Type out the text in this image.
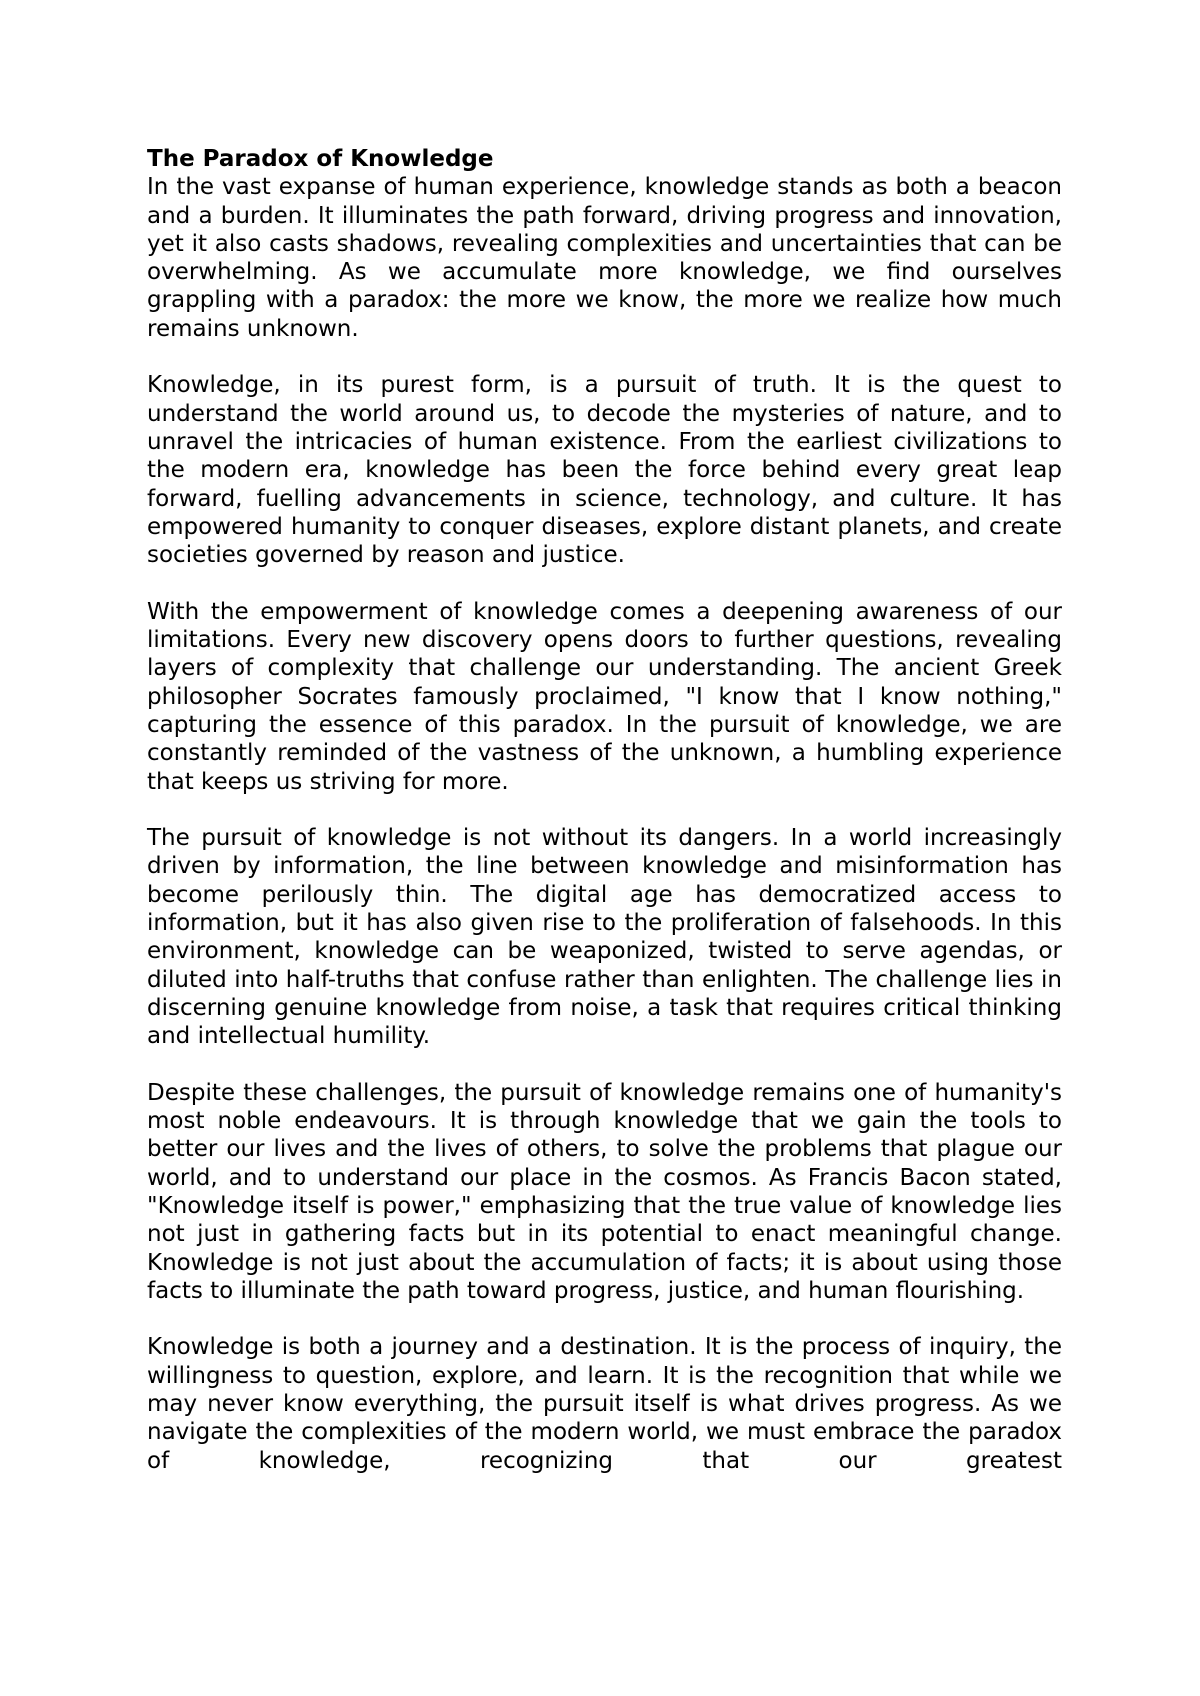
The Paradox of Knowledge

In the vast expanse of human experience, knowledge stands as both a beacon and a burden. It illuminates the path forward, driving progress and innovation, yet it also casts shadows, revealing complexities and uncertainties that can be overwhelming. As we accumulate more knowledge, we find ourselves grappling with a paradox: the more we know, the more we realize how much remains unknown.

Knowledge, in its purest form, is a pursuit of truth. It is the quest to understand the world around us, to decode the mysteries of nature, and to unravel the intricacies of human existence. From the earliest civilizations to the modern era, knowledge has been the force behind every great leap forward, fuelling advancements in science, technology, and culture. It has empowered humanity to conquer diseases, explore distant planets, and create societies governed by reason and justice.

With the empowerment of knowledge comes a deepening awareness of our limitations. Every new discovery opens doors to further questions, revealing layers of complexity that challenge our understanding. The ancient Greek philosopher Socrates famously proclaimed, "I know that I know nothing," capturing the essence of this paradox. In the pursuit of knowledge, we are constantly reminded of the vastness of the unknown, a humbling experience that keeps us striving for more.

The pursuit of knowledge is not without its dangers. In a world increasingly driven by information, the line between knowledge and misinformation has become perilously thin. The digital age has democratized access to information, but it has also given rise to the proliferation of falsehoods. In this environment, knowledge can be weaponized, twisted to serve agendas, or diluted into half-truths that confuse rather than enlighten. The challenge lies in discerning genuine knowledge from noise, a task that requires critical thinking and intellectual humility.

Despite these challenges, the pursuit of knowledge remains one of humanity's most noble endeavours. It is through knowledge that we gain the tools to better our lives and the lives of others, to solve the problems that plague our world, and to understand our place in the cosmos. As Francis Bacon stated, "Knowledge itself is power," emphasizing that the true value of knowledge lies not just in gathering facts but in its potential to enact meaningful change. Knowledge is not just about the accumulation of facts; it is about using those facts to illuminate the path toward progress, justice, and human flourishing.

Knowledge is both a journey and a destination. It is the process of inquiry, the willingness to question, explore, and learn. It is the recognition that while we may never know everything, the pursuit itself is what drives progress. As we navigate the complexities of the modern world, we must embrace the paradox of knowledge, recognizing that our greatest
